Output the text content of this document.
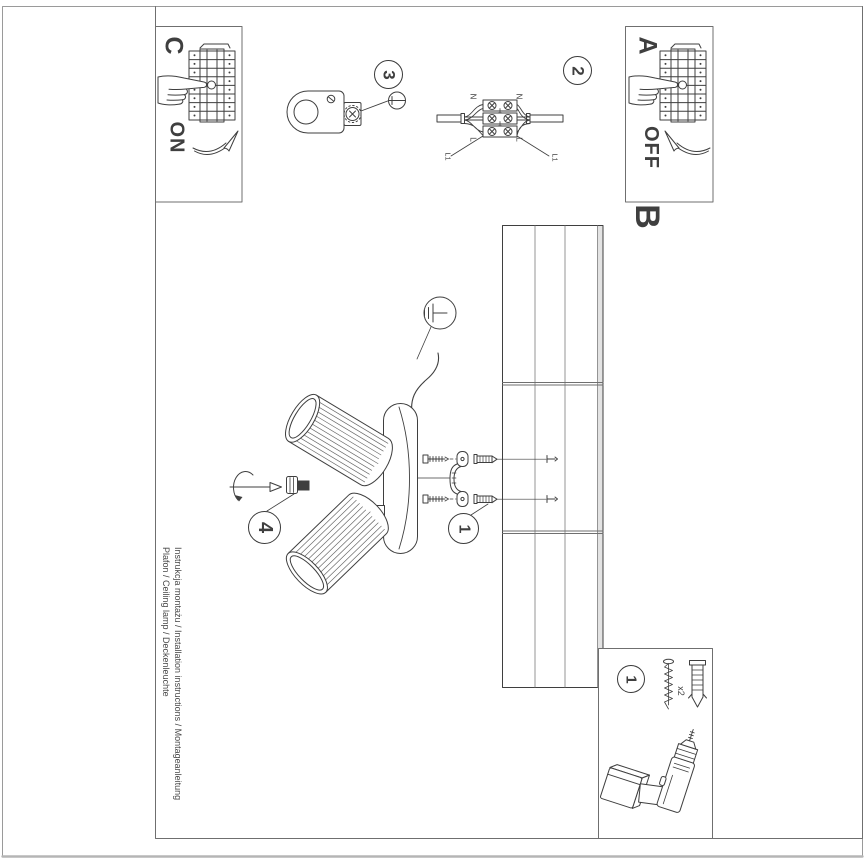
C
ON
A
OFF
B
2
3
1
4
1
N	N
L	L
L1	L1
x2
Instrukcja montażu / Installation instructions / Montageanleitung
Plafon / Ceiling lamp / Deckenleuchte
